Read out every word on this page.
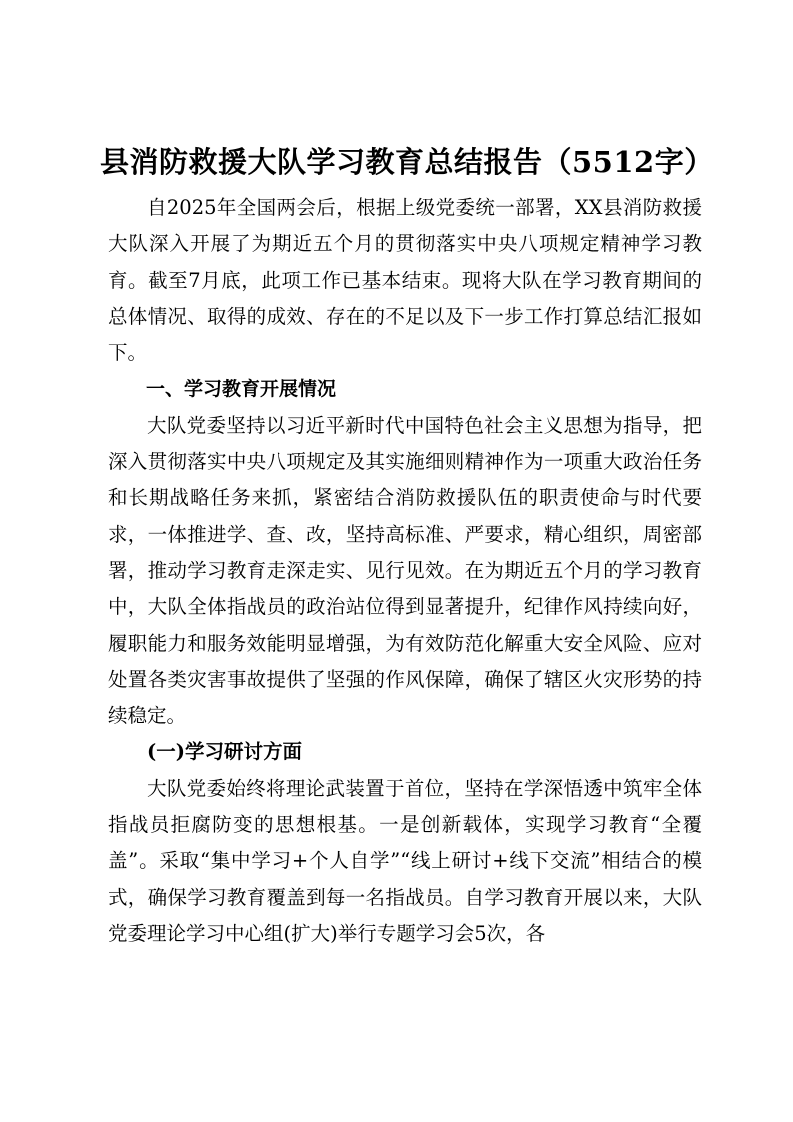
县消防救援大队学习教育总结报告（5512字）

自2025年全国两会后，根据上级党委统一部署，XX县消防救援大队深入开展了为期近五个月的贯彻落实中央八项规定精神学习教育。截至7月底，此项工作已基本结束。现将大队在学习教育期间的总体情况、取得的成效、存在的不足以及下一步工作打算总结汇报如下。

一、学习教育开展情况

大队党委坚持以习近平新时代中国特色社会主义思想为指导，把深入贯彻落实中央八项规定及其实施细则精神作为一项重大政治任务和长期战略任务来抓，紧密结合消防救援队伍的职责使命与时代要求，一体推进学、查、改，坚持高标准、严要求，精心组织，周密部署，推动学习教育走深走实、见行见效。在为期近五个月的学习教育中，大队全体指战员的政治站位得到显著提升，纪律作风持续向好，履职能力和服务效能明显增强，为有效防范化解重大安全风险、应对处置各类灾害事故提供了坚强的作风保障，确保了辖区火灾形势的持续稳定。

(一)学习研讨方面

大队党委始终将理论武装置于首位，坚持在学深悟透中筑牢全体指战员拒腐防变的思想根基。一是创新载体，实现学习教育“全覆盖”。采取“集中学习+个人自学”“线上研讨+线下交流”相结合的模式，确保学习教育覆盖到每一名指战员。自学习教育开展以来，大队党委理论学习中心组(扩大)举行专题学习会5次，各
